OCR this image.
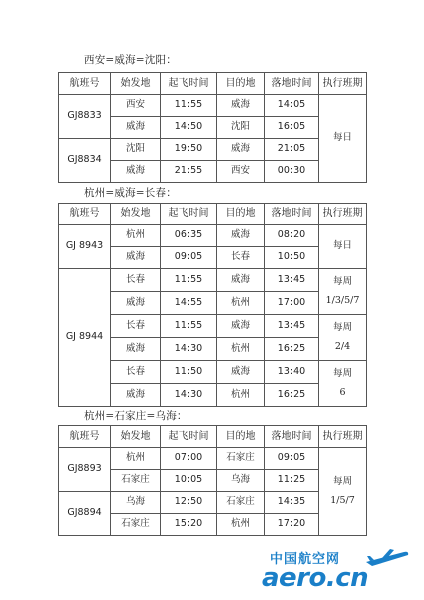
西安=威海=沈阳：
航班号	始发地	起飞时间	目的地	落地时间	执行班期
GJ8833	西安	11:55	威海	14:05	每日
	威海	14:50	沈阳	16:05	
GJ8834	沈阳	19:50	威海	21:05	
	威海	21:55	西安	00:30	
杭州=威海=长春：
航班号	始发地	起飞时间	目的地	落地时间	执行班期
GJ 8943	杭州	06:35	威海	08:20	每日
	威海	09:05	长春	10:50	
GJ 8944	长春	11:55	威海	13:45	每周
1/3/5/7

	威海	14:55	杭州	17:00	
	长春	11:55	威海	13:45	每周
2/4

	威海	14:30	杭州	16:25	
	长春	11:50	威海	13:40	每周
6

	威海	14:30	杭州	16:25	
杭州=石家庄=乌海：
航班号	始发地	起飞时间	目的地	落地时间	执行班期
GJ8893	杭州	07:00	石家庄	09:05	每周
1/5/7

	石家庄	10:05	乌海	11:25	
GJ8894	乌海	12:50	石家庄	14:35	
	石家庄	15:20	杭州	17:20	
中国航空网
aero.cn
